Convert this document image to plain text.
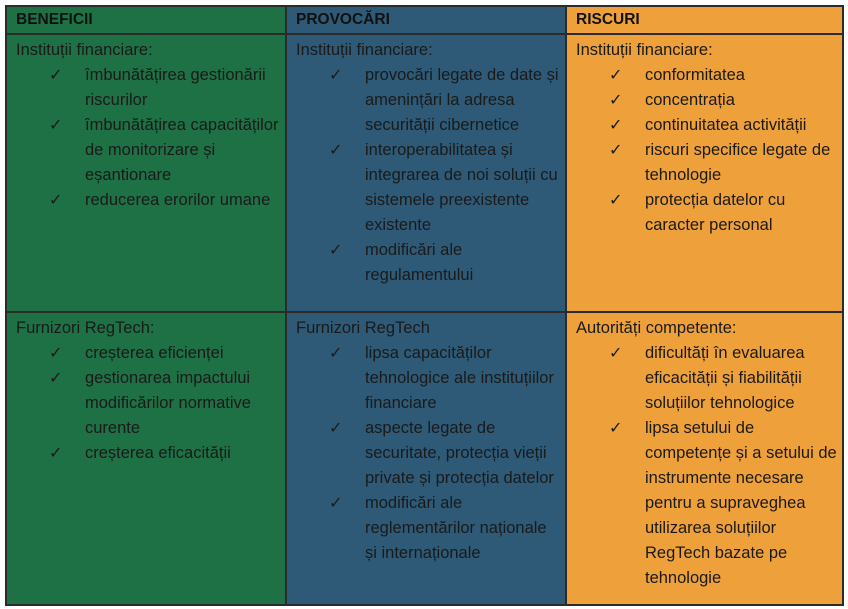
BENEFICII	PROVOCĂRI	RISCURI
Instituții financiare:
✓ îmbunătățirea gestionării riscurilor
✓ îmbunătățirea capacităților de monitorizare și eșantionare
✓ reducerea erorilor umane
Instituții financiare:
✓ provocări legate de date și amenințări la adresa securității cibernetice
✓ interoperabilitatea și integrarea de noi soluții cu sistemele preexistente existente
✓ modificări ale regulamentului
Instituții financiare:
✓ conformitatea
✓ concentrația
✓ continuitatea activității
✓ riscuri specifice legate de tehnologie
✓ protecția datelor cu caracter personal
Furnizori RegTech:
✓ creșterea eficienței
✓ gestionarea impactului modificărilor normative curente
✓ creșterea eficacității
Furnizori RegTech
✓ lipsa capacităților tehnologice ale instituțiilor financiare
✓ aspecte legate de securitate, protecția vieții private și protecția datelor
✓ modificări ale reglementărilor naționale și internaționale
Autorități competente:
✓ dificultăți în evaluarea eficacității și fiabilității soluțiilor tehnologice
✓ lipsa setului de competențe și a setului de instrumente necesare pentru a supraveghea utilizarea soluțiilor RegTech bazate pe tehnologie
